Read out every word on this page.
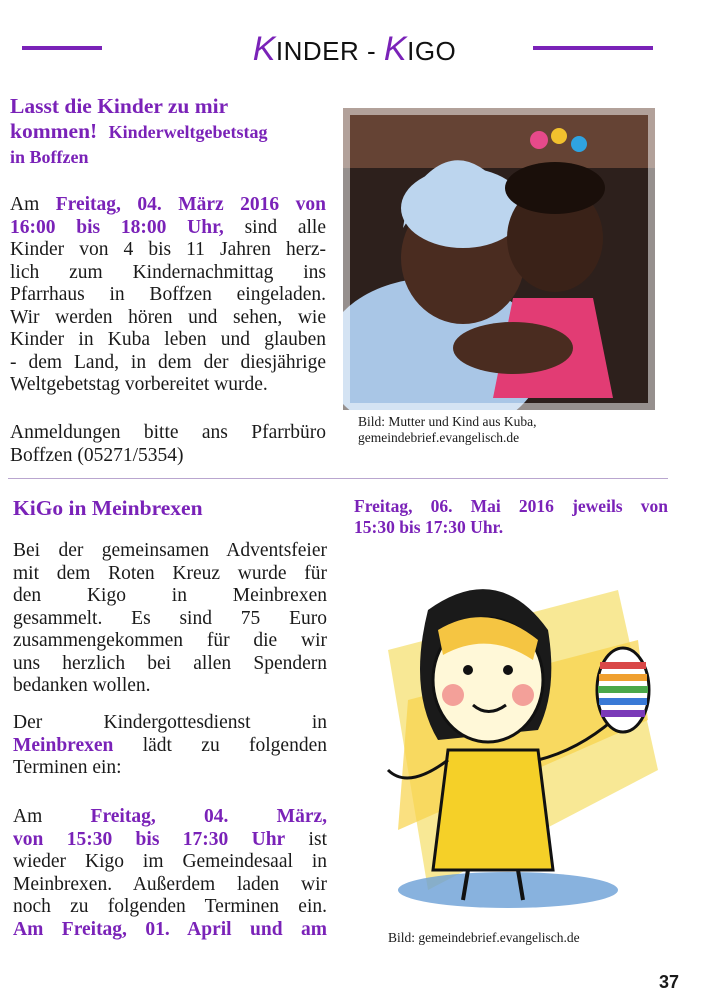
KINDER - KIGO
Lasst die Kinder zu mir
kommen! Kinderweltgebetstag
in Boffzen
Am Freitag, 04. März 2016 von
16:00 bis 18:00 Uhr, sind alle
Kinder von 4 bis 11 Jahren herz-
lich zum Kindernachmittag ins
Pfarrhaus in Boffzen eingeladen.
Wir werden hören und sehen, wie
Kinder in Kuba leben und glauben
- dem Land, in dem der diesjährige
Weltgebetstag vorbereitet wurde.
Anmeldungen bitte ans Pfarrbüro
Boffzen (05271/5354)
Bild: Mutter und Kind aus Kuba,
gemeindebrief.evangelisch.de
KiGo in Meinbrexen
Bei der gemeinsamen Adventsfeier
mit dem Roten Kreuz wurde für
den Kigo in Meinbrexen
gesammelt. Es sind 75 Euro
zusammengekommen für die wir
uns herzlich bei allen Spendern
bedanken wollen.
Der Kindergottesdienst in
Meinbrexen lädt zu folgenden
Terminen ein:
Am Freitag, 04. März,
von 15:30 bis 17:30 Uhr ist
wieder Kigo im Gemeindesaal in
Meinbrexen. Außerdem laden wir
noch zu folgenden Terminen ein.
Am Freitag, 01. April und am
Freitag, 06. Mai 2016 jeweils von
15:30 bis 17:30 Uhr.
Bild: gemeindebrief.evangelisch.de
37
